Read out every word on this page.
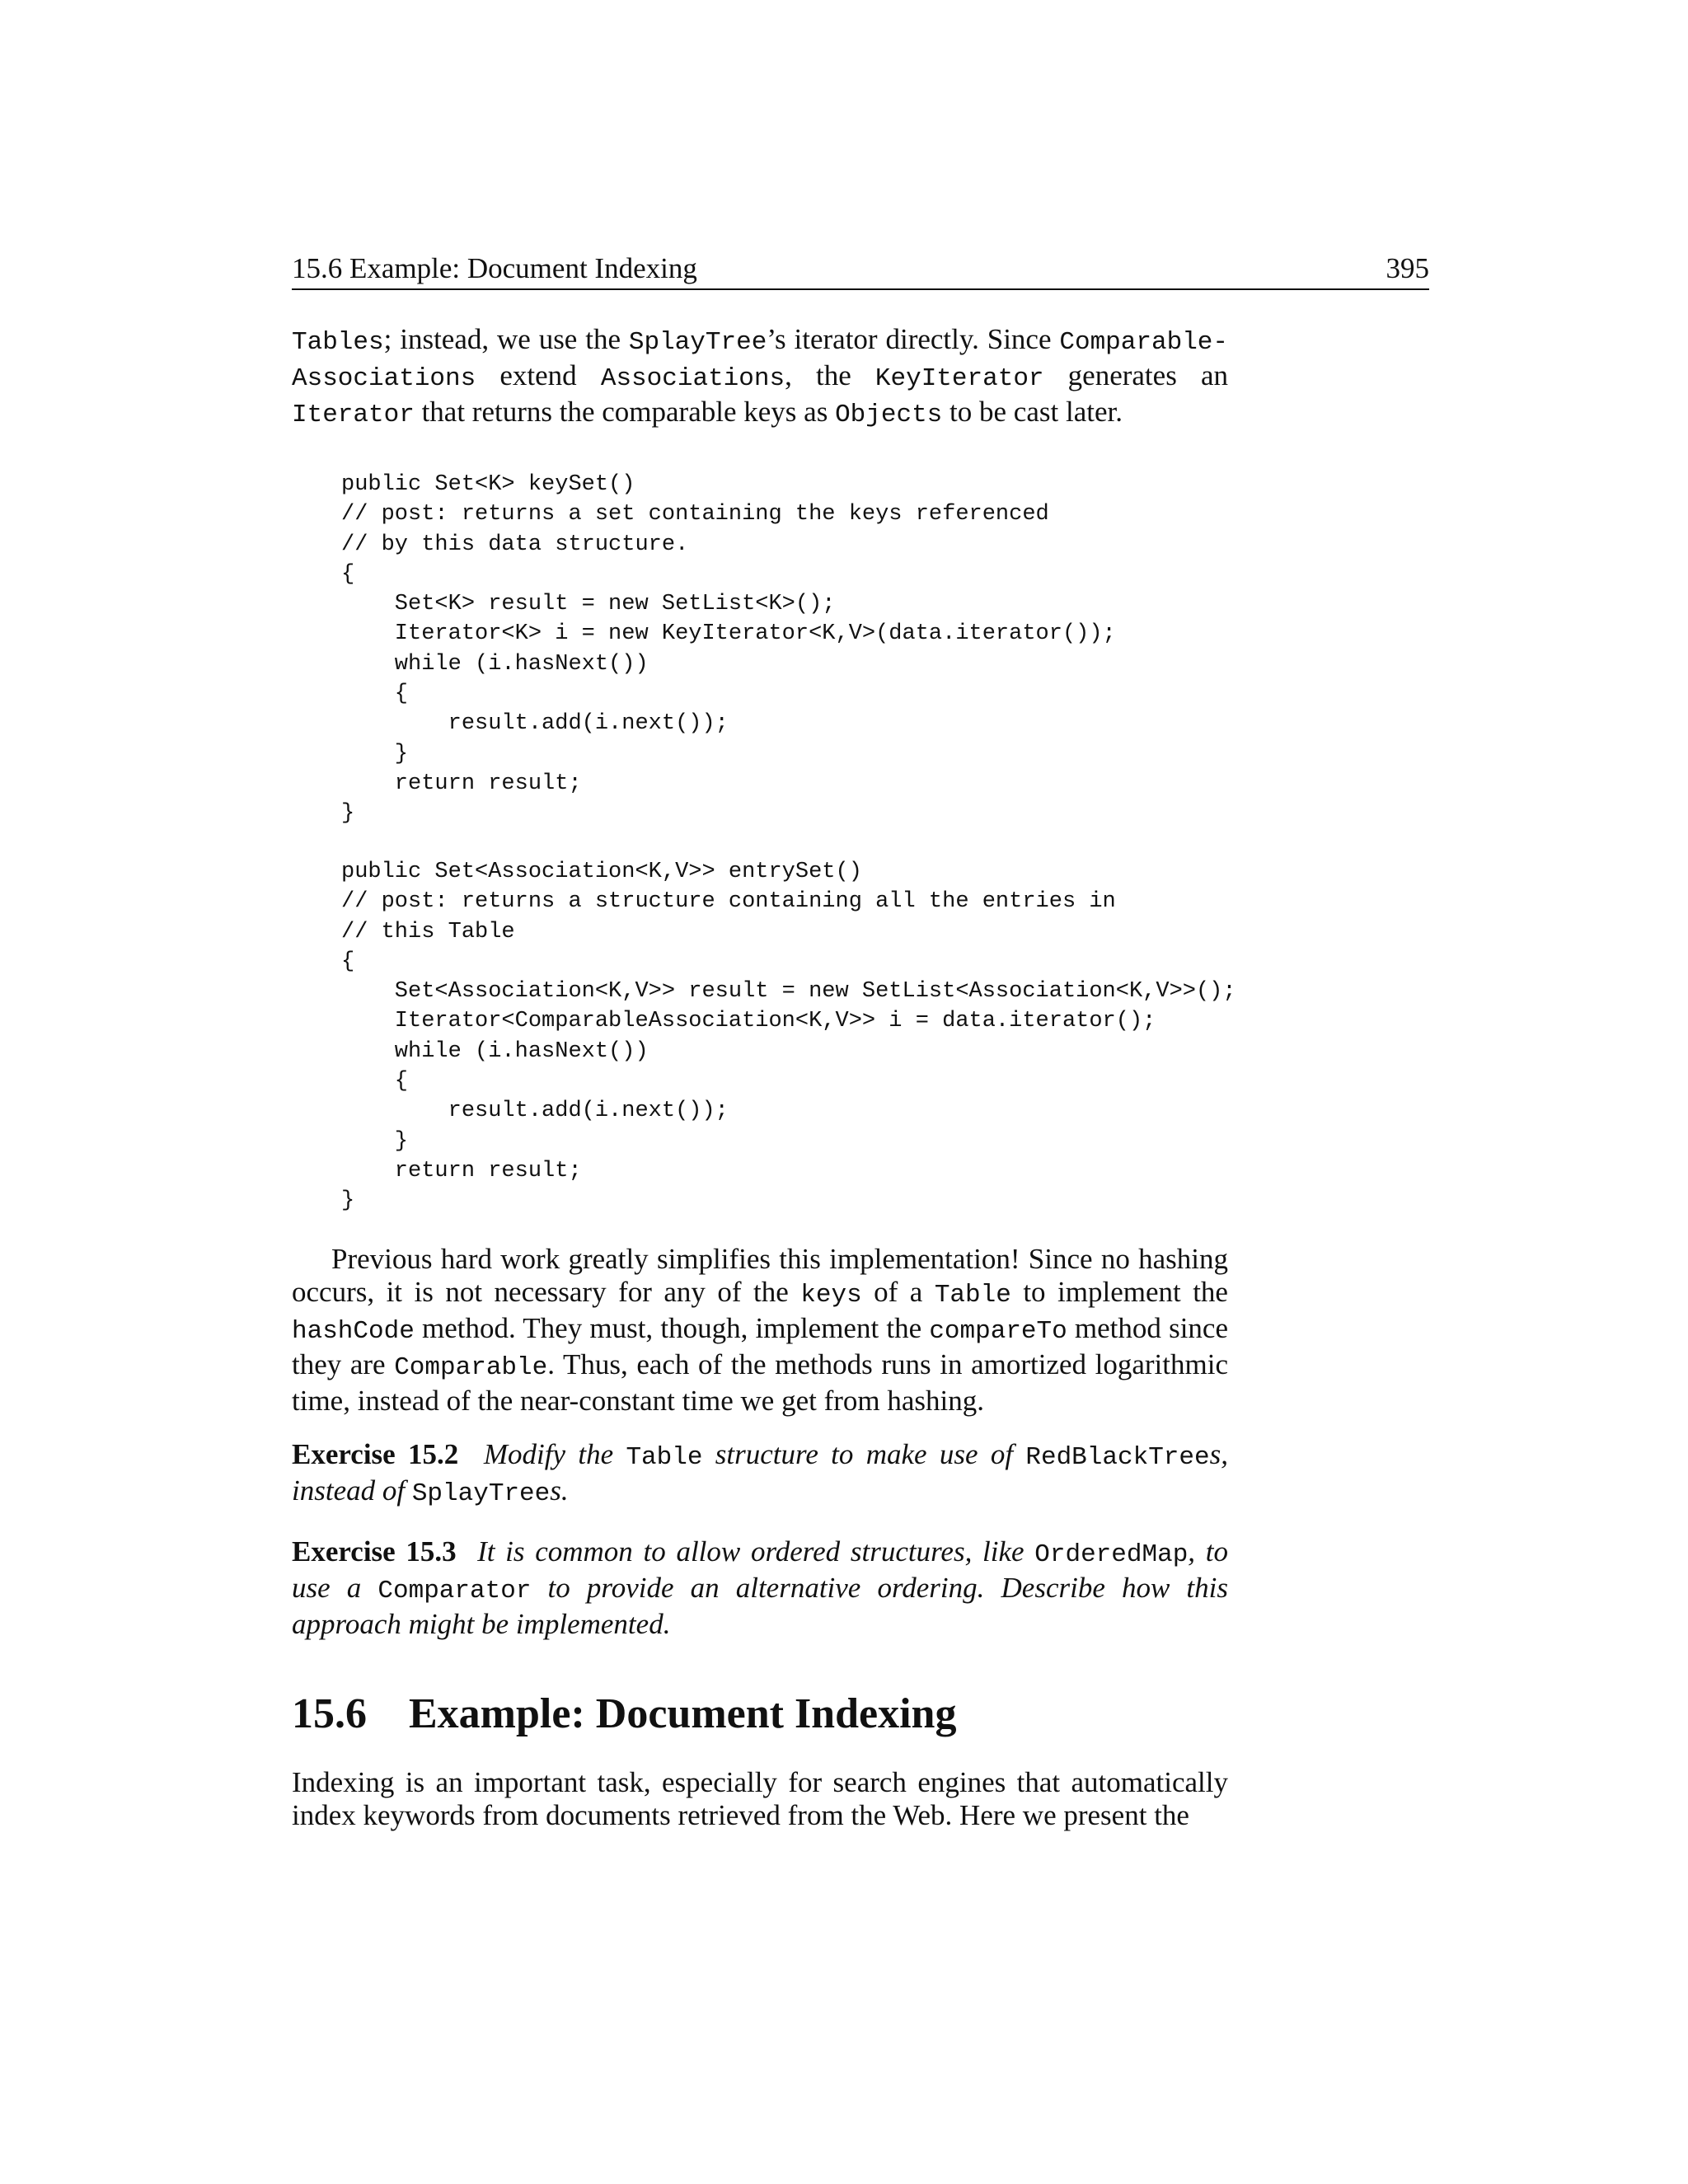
15.6 Example: Document Indexing	395

Tables; instead, we use the SplayTree’s iterator directly. Since Comparable-Associations extend Associations, the KeyIterator generates an Iterator that returns the comparable keys as Objects to be cast later.

public Set<K> keySet()
// post: returns a set containing the keys referenced
// by this data structure.
{
Set<K> result = new SetList<K>();
Iterator<K> i = new KeyIterator<K,V>(data.iterator());
while (i.hasNext())
{
result.add(i.next());
}
return result;
}
public Set<Association<K,V>> entrySet()
// post: returns a structure containing all the entries in
// this Table
{
Set<Association<K,V>> result = new SetList<Association<K,V>>();
Iterator<ComparableAssociation<K,V>> i = data.iterator();
while (i.hasNext())
{
result.add(i.next());
}
return result;
}

Previous hard work greatly simplifies this implementation! Since no hashing occurs, it is not necessary for any of the keys of a Table to implement the hashCode method. They must, though, implement the compareTo method since they are Comparable. Thus, each of the methods runs in amortized logarithmic time, instead of the near-constant time we get from hashing.

Exercise 15.2 Modify the Table structure to make use of RedBlackTrees, instead of SplayTrees.

Exercise 15.3 It is common to allow ordered structures, like OrderedMap, to use a Comparator to provide an alternative ordering. Describe how this approach might be implemented.

15.6 Example: Document Indexing

Indexing is an important task, especially for search engines that automatically index keywords from documents retrieved from the Web. Here we present the
